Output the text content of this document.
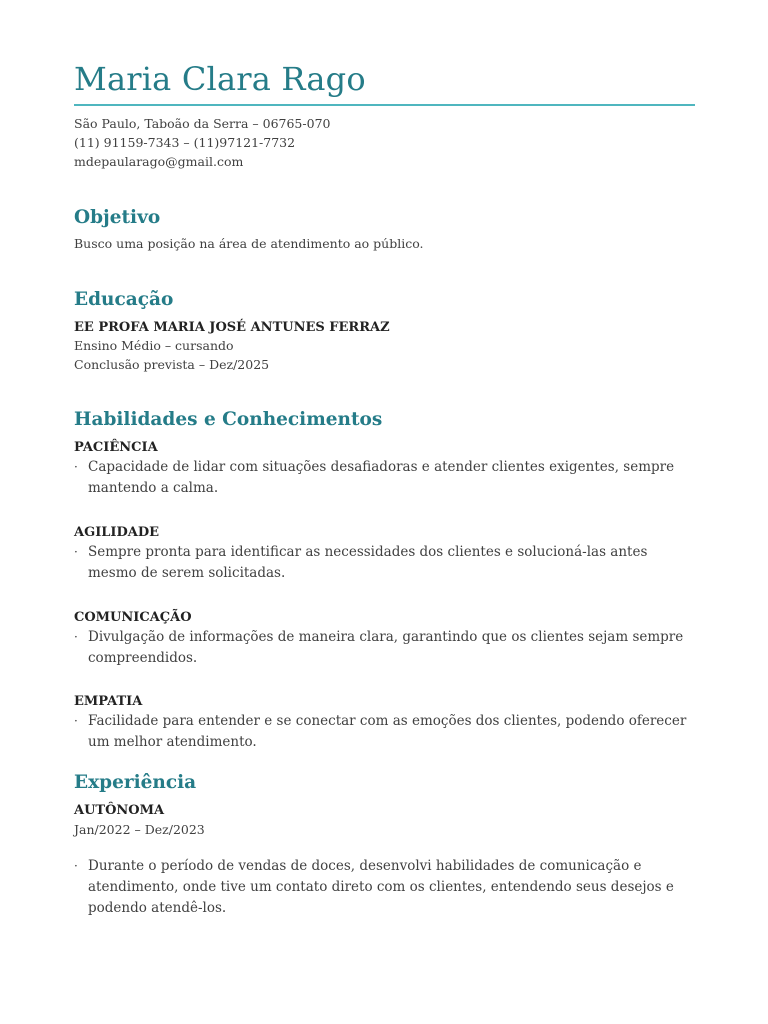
Maria Clara Rago
São Paulo, Taboão da Serra – 06765-070
(11) 91159-7343 – (11)97121-7732
mdepaularago@gmail.com
Objetivo
Busco uma posição na área de atendimento ao público.
Educação
EE PROFA MARIA JOSÉ ANTUNES FERRAZ
Ensino Médio – cursando
Conclusão prevista – Dez/2025
Habilidades e Conhecimentos
PACIÊNCIA
· Capacidade de lidar com situações desafiadoras e atender clientes exigentes, sempre mantendo a calma.
AGILIDADE
· Sempre pronta para identificar as necessidades dos clientes e solucioná-las antes mesmo de serem solicitadas.
COMUNICAÇÃO
· Divulgação de informações de maneira clara, garantindo que os clientes sejam sempre compreendidos.
EMPATIA
· Facilidade para entender e se conectar com as emoções dos clientes, podendo oferecer um melhor atendimento.
Experiência
AUTÔNOMA
Jan/2022 – Dez/2023
· Durante o período de vendas de doces, desenvolvi habilidades de comunicação e atendimento, onde tive um contato direto com os clientes, entendendo seus desejos e podendo atendê-los.
